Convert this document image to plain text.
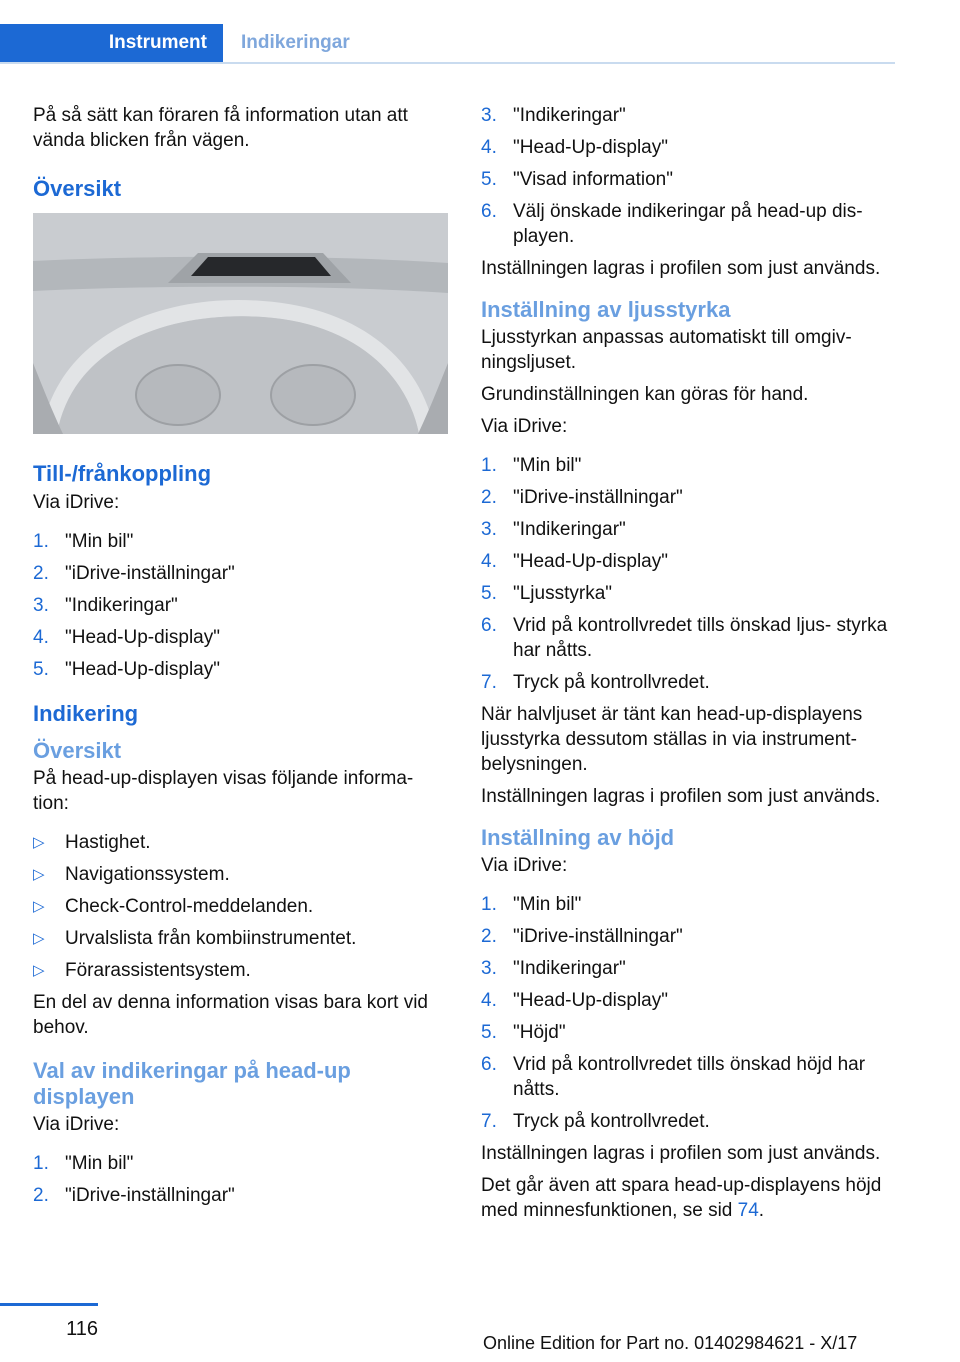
Instrument Indikeringar

På så sätt kan föraren få information utan att vända blicken från vägen.

Översikt
Till-/frånkoppling

Via iDrive:

1. "Min bil"
2. "iDrive-inställningar"
3. "Indikeringar"
4. "Head-Up-display"
5. "Head-Up-display"
Indikering
Översikt

På head-up-displayen visas följande informa‐ tion:

▷	Hastighet.
▷	Navigationssystem.
▷	Check-Control-meddelanden.
▷	Urvalslista från kombiinstrumentet.
▷	Förarassistentsystem.

En del av denna information visas bara kort vid behov.

Val av indikeringar på head-up displayen

Via iDrive:

1. "Min bil"
2. "iDrive-inställningar"
3. "Indikeringar"
4. "Head-Up-display"
5. "Visad information"
6. Välj önskade indikeringar på head-up dis‐ playen.

Inställningen lagras i profilen som just används.

Inställning av ljusstyrka

Ljusstyrkan anpassas automatiskt till omgiv‐ ningsljuset.

Grundinställningen kan göras för hand.

Via iDrive:

1. "Min bil"
2. "iDrive-inställningar"
3. "Indikeringar"
4. "Head-Up-display"
5. "Ljusstyrka"
6. Vrid på kontrollvredet tills önskad ljus‐ styrka har nåtts.
7. Tryck på kontrollvredet.

När halvljuset är tänt kan head-up-displayens ljusstyrka dessutom ställas in via instrument‐ belysningen.

Inställningen lagras i profilen som just används.

Inställning av höjd

Via iDrive:

1. "Min bil"
2. "iDrive-inställningar"
3. "Indikeringar"
4. "Head-Up-display"
5. "Höjd"
6. Vrid på kontrollvredet tills önskad höjd har nåtts.
7. Tryck på kontrollvredet.

Inställningen lagras i profilen som just används.

Det går även att spara head-up-displayens höjd med minnesfunktionen, se sid 74.

116
Online Edition for Part no. 01402984621 - X/17
